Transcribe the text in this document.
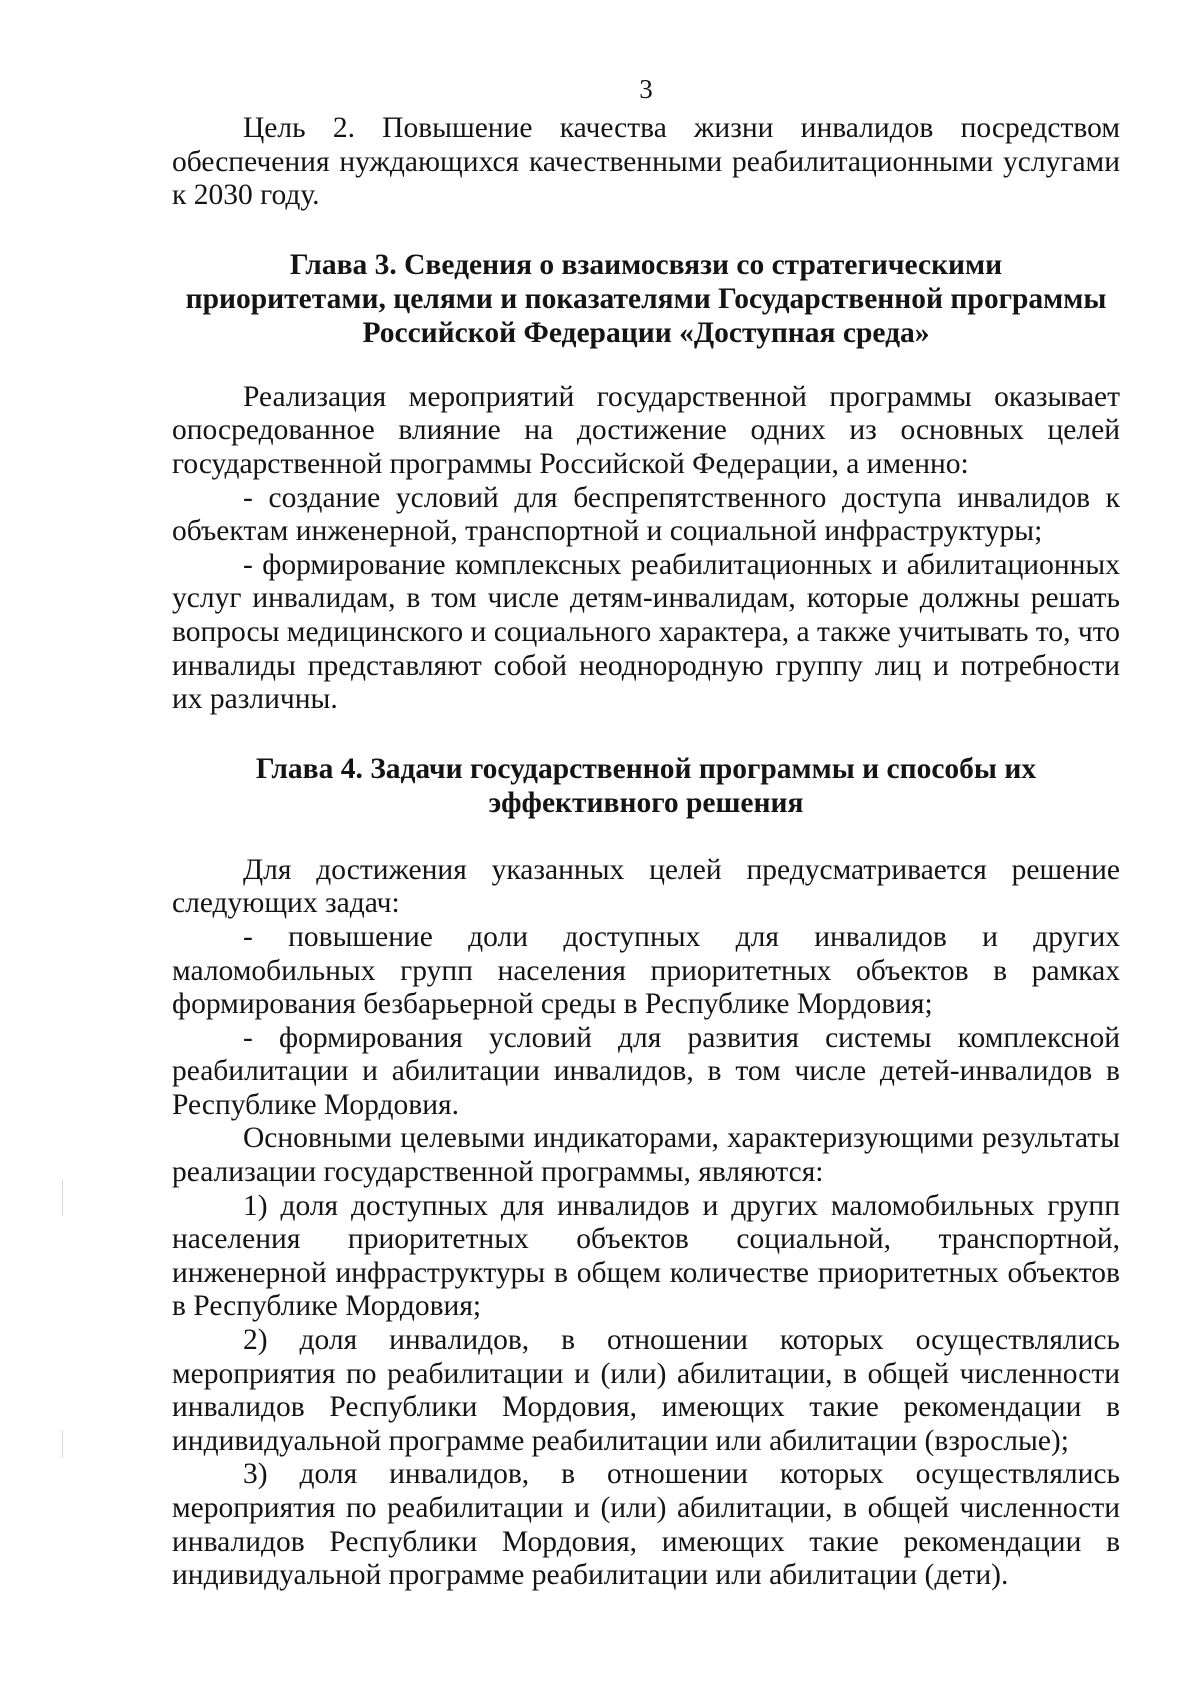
3

Цель 2. Повышение качества жизни инвалидов посредством обеспечения нуждающихся качественными реабилитационными услугами к 2030 году.

Глава 3. Сведения о взаимосвязи со стратегическими
приоритетами, целями и показателями Государственной программы
Российской Федерации «Доступная среда»

Реализация мероприятий государственной программы оказывает опосредованное влияние на достижение одних из основных целей государственной программы Российской Федерации, а именно:

- создание условий для беспрепятственного доступа инвалидов к объектам инженерной, транспортной и социальной инфраструктуры;

- формирование комплексных реабилитационных и абилитационных услуг инвалидам, в том числе детям-инвалидам, которые должны решать вопросы медицинского и социального характера, а также учитывать то, что инвалиды представляют собой неоднородную группу лиц и потребности их различны.

Глава 4. Задачи государственной программы и способы их
эффективного решения

Для достижения указанных целей предусматривается решение следующих задач:

- повышение доли доступных для инвалидов и других маломобильных групп населения приоритетных объектов в рамках формирования безбарьерной среды в Республике Мордовия;

- формирования условий для развития системы комплексной реабилитации и абилитации инвалидов, в том числе детей-инвалидов в Республике Мордовия.

Основными целевыми индикаторами, характеризующими результаты реализации государственной программы, являются:

1) доля доступных для инвалидов и других маломобильных групп населения приоритетных объектов социальной, транспортной, инженерной инфраструктуры в общем количестве приоритетных объектов в Республике Мордовия;

2) доля инвалидов, в отношении которых осуществлялись мероприятия по реабилитации и (или) абилитации, в общей численности инвалидов Республики Мордовия, имеющих такие рекомендации в индивидуальной программе реабилитации или абилитации (взрослые);

3) доля инвалидов, в отношении которых осуществлялись мероприятия по реабилитации и (или) абилитации, в общей численности инвалидов Республики Мордовия, имеющих такие рекомендации в индивидуальной программе реабилитации или абилитации (дети).
